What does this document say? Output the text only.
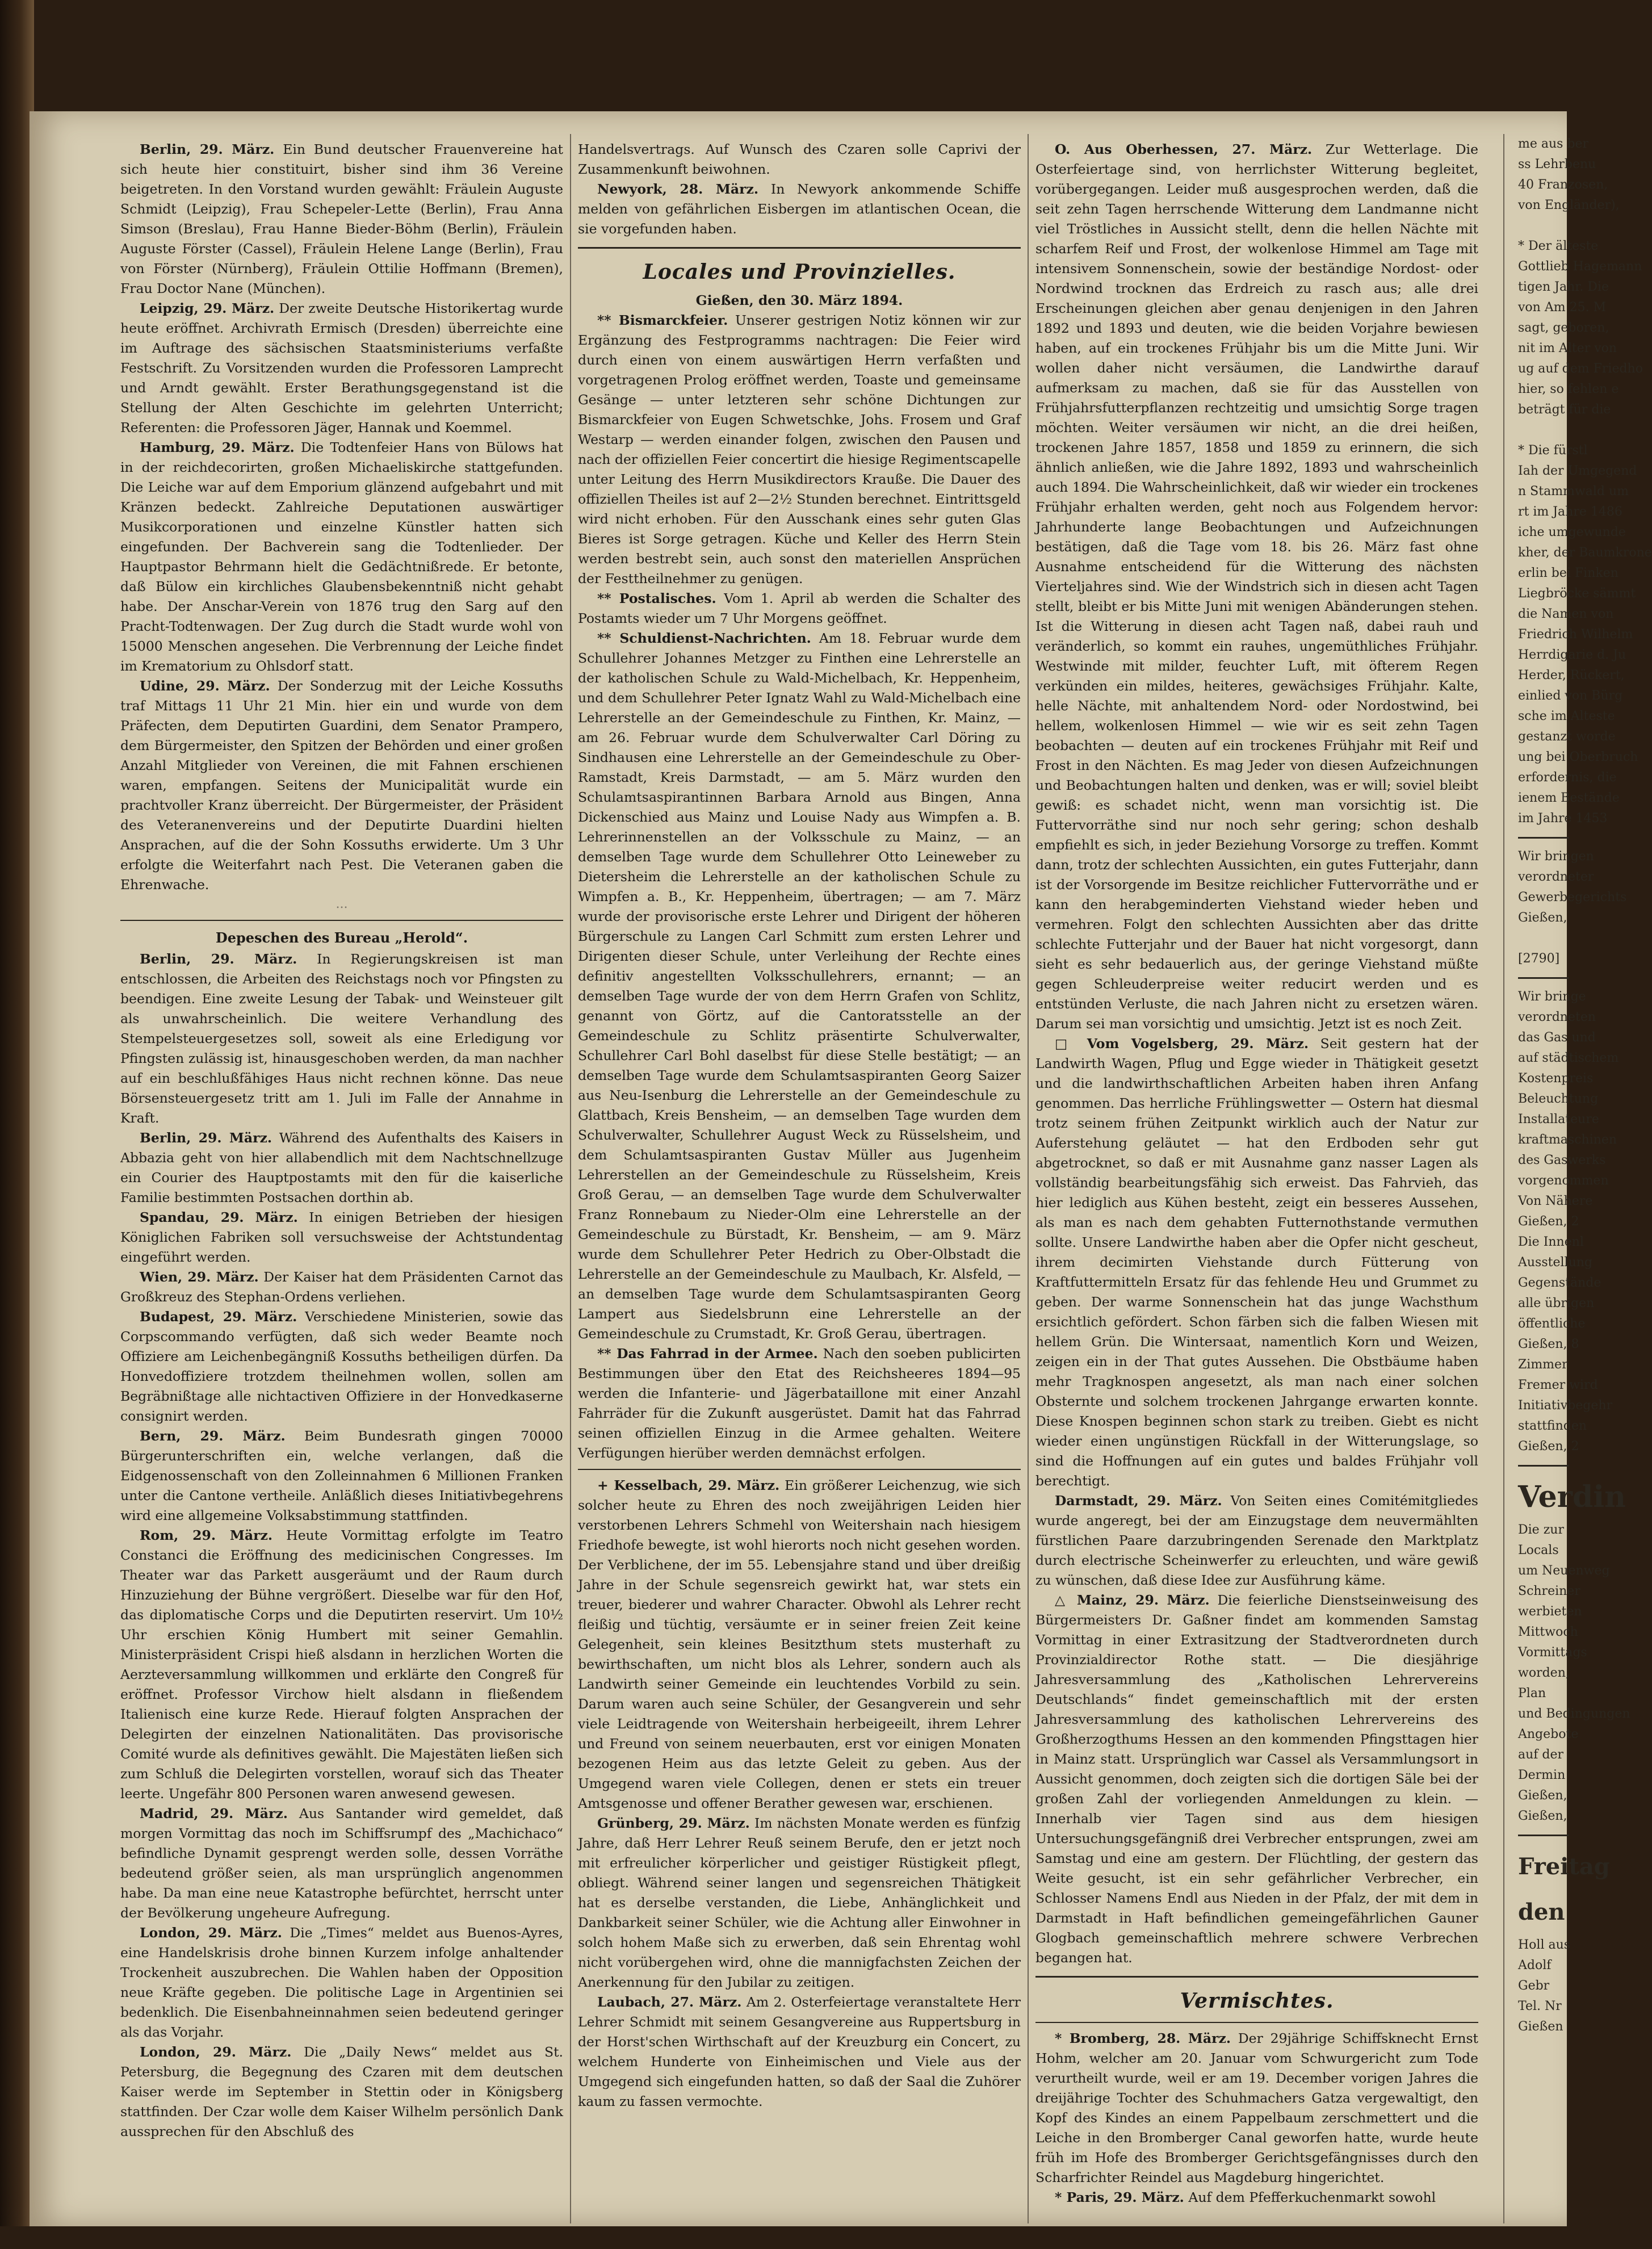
Berlin, 29. März. Ein Bund deutscher Frauenvereine hat sich heute hier constituirt, bisher sind ihm 36 Vereine beigetreten. In den Vorstand wurden gewählt: Fräulein Auguste Schmidt (Leipzig), Frau Schepeler-Lette (Berlin), Frau Anna Simson (Breslau), Frau Hanne Bieder-Böhm (Berlin), Fräulein Auguste Förster (Cassel), Fräulein Helene Lange (Berlin), Frau von Förster (Nürnberg), Fräulein Ottilie Hoffmann (Bremen), Frau Doctor Nane (München).

Leipzig, 29. März. Der zweite Deutsche Historikertag wurde heute eröffnet. Archivrath Ermisch (Dresden) überreichte eine im Auftrage des sächsischen Staatsministeriums verfaßte Festschrift. Zu Vorsitzenden wurden die Professoren Lamprecht und Arndt gewählt. Erster Berathungsgegenstand ist die Stellung der Alten Geschichte im gelehrten Unterricht; Referenten: die Professoren Jäger, Hannak und Koemmel.

Hamburg, 29. März. Die Todtenfeier Hans von Bülows hat in der reichdecorirten, großen Michaeliskirche stattgefunden. Die Leiche war auf dem Emporium glänzend aufgebahrt und mit Kränzen bedeckt. Zahlreiche Deputationen auswärtiger Musikcorporationen und einzelne Künstler hatten sich eingefunden. Der Bachverein sang die Todtenlieder. Der Hauptpastor Behrmann hielt die Gedächtnißrede. Er betonte, daß Bülow ein kirchliches Glaubensbekenntniß nicht gehabt habe. Der Anschar-Verein von 1876 trug den Sarg auf den Pracht-Todtenwagen. Der Zug durch die Stadt wurde wohl von 15000 Menschen angesehen. Die Verbrennung der Leiche findet im Krematorium zu Ohlsdorf statt.

Udine, 29. März. Der Sonderzug mit der Leiche Kossuths traf Mittags 11 Uhr 21 Min. hier ein und wurde von dem Präfecten, dem Deputirten Guardini, dem Senator Prampero, dem Bürgermeister, den Spitzen der Behörden und einer großen Anzahl Mitglieder von Vereinen, die mit Fahnen erschienen waren, empfangen. Seitens der Municipalität wurde ein prachtvoller Kranz überreicht. Der Bürgermeister, der Präsident des Veteranenvereins und der Deputirte Duardini hielten Ansprachen, auf die der Sohn Kossuths erwiderte. Um 3 Uhr erfolgte die Weiterfahrt nach Pest. Die Veteranen gaben die Ehrenwache.

...
Depeschen des Bureau „Herold“.

Berlin, 29. März. In Regierungskreisen ist man entschlossen, die Arbeiten des Reichstags noch vor Pfingsten zu beendigen. Eine zweite Lesung der Tabak- und Weinsteuer gilt als unwahrscheinlich. Die weitere Verhandlung des Stempelsteuergesetzes soll, soweit als eine Erledigung vor Pfingsten zulässig ist, hinausgeschoben werden, da man nachher auf ein beschlußfähiges Haus nicht rechnen könne. Das neue Börsensteuergesetz tritt am 1. Juli im Falle der Annahme in Kraft.

Berlin, 29. März. Während des Aufenthalts des Kaisers in Abbazia geht von hier allabendlich mit dem Nachtschnellzuge ein Courier des Hauptpostamts mit den für die kaiserliche Familie bestimmten Postsachen dorthin ab.

Spandau, 29. März. In einigen Betrieben der hiesigen Königlichen Fabriken soll versuchsweise der Achtstundentag eingeführt werden.

Wien, 29. März. Der Kaiser hat dem Präsidenten Carnot das Großkreuz des Stephan-Ordens verliehen.

Budapest, 29. März. Verschiedene Ministerien, sowie das Corpscommando verfügten, daß sich weder Beamte noch Offiziere am Leichenbegängniß Kossuths betheiligen dürfen. Da Honvedoffiziere trotzdem theilnehmen wollen, sollen am Begräbnißtage alle nichtactiven Offiziere in der Honvedkaserne consignirt werden.

Bern, 29. März. Beim Bundesrath gingen 70000 Bürgerunterschriften ein, welche verlangen, daß die Eidgenossenschaft von den Zolleinnahmen 6 Millionen Franken unter die Cantone vertheile. Anläßlich dieses Initiativbegehrens wird eine allgemeine Volksabstimmung stattfinden.

Rom, 29. März. Heute Vormittag erfolgte im Teatro Constanci die Eröffnung des medicinischen Congresses. Im Theater war das Parkett ausgeräumt und der Raum durch Hinzuziehung der Bühne vergrößert. Dieselbe war für den Hof, das diplomatische Corps und die Deputirten reservirt. Um 10½ Uhr erschien König Humbert mit seiner Gemahlin. Ministerpräsident Crispi hieß alsdann in herzlichen Worten die Aerzteversammlung willkommen und erklärte den Congreß für eröffnet. Professor Virchow hielt alsdann in fließendem Italienisch eine kurze Rede. Hierauf folgten Ansprachen der Delegirten der einzelnen Nationalitäten. Das provisorische Comité wurde als definitives gewählt. Die Majestäten ließen sich zum Schluß die Delegirten vorstellen, worauf sich das Theater leerte. Ungefähr 800 Personen waren anwesend gewesen.

Madrid, 29. März. Aus Santander wird gemeldet, daß morgen Vormittag das noch im Schiffsrumpf des „Machichaco“ befindliche Dynamit gesprengt werden solle, dessen Vorräthe bedeutend größer seien, als man ursprünglich angenommen habe. Da man eine neue Katastrophe befürchtet, herrscht unter der Bevölkerung ungeheure Aufregung.

London, 29. März. Die „Times“ meldet aus Buenos-Ayres, eine Handelskrisis drohe binnen Kurzem infolge anhaltender Trockenheit auszubrechen. Die Wahlen haben der Opposition neue Kräfte gegeben. Die politische Lage in Argentinien sei bedenklich. Die Eisenbahneinnahmen seien bedeutend geringer als das Vorjahr.

London, 29. März. Die „Daily News“ meldet aus St. Petersburg, die Begegnung des Czaren mit dem deutschen Kaiser werde im September in Stettin oder in Königsberg stattfinden. Der Czar wolle dem Kaiser Wilhelm persönlich Dank aussprechen für den Abschluß des

Handelsvertrags. Auf Wunsch des Czaren solle Caprivi der Zusammenkunft beiwohnen.

Newyork, 28. März. In Newyork ankommende Schiffe melden von gefährlichen Eisbergen im atlantischen Ocean, die sie vorgefunden haben.

Locales und Provinzielles.
Gießen, den 30. März 1894.

** Bismarckfeier. Unserer gestrigen Notiz können wir zur Ergänzung des Festprogramms nachtragen: Die Feier wird durch einen von einem auswärtigen Herrn verfaßten und vorgetragenen Prolog eröffnet werden, Toaste und gemeinsame Gesänge — unter letzteren sehr schöne Dichtungen zur Bismarckfeier von Eugen Schwetschke, Johs. Frosem und Graf Westarp — werden einander folgen, zwischen den Pausen und nach der offiziellen Feier concertirt die hiesige Regimentscapelle unter Leitung des Herrn Musikdirectors Krauße. Die Dauer des offiziellen Theiles ist auf 2—2½ Stunden berechnet. Eintrittsgeld wird nicht erhoben. Für den Ausschank eines sehr guten Glas Bieres ist Sorge getragen. Küche und Keller des Herrn Stein werden bestrebt sein, auch sonst den materiellen Ansprüchen der Festtheilnehmer zu genügen.

** Postalisches. Vom 1. April ab werden die Schalter des Postamts wieder um 7 Uhr Morgens geöffnet.

** Schuldienst-Nachrichten. Am 18. Februar wurde dem Schullehrer Johannes Metzger zu Finthen eine Lehrerstelle an der katholischen Schule zu Wald-Michelbach, Kr. Heppenheim, und dem Schullehrer Peter Ignatz Wahl zu Wald-Michelbach eine Lehrerstelle an der Gemeindeschule zu Finthen, Kr. Mainz, — am 26. Februar wurde dem Schulverwalter Carl Döring zu Sindhausen eine Lehrerstelle an der Gemeindeschule zu Ober-Ramstadt, Kreis Darmstadt, — am 5. März wurden den Schulamtsaspirantinnen Barbara Arnold aus Bingen, Anna Dickenschied aus Mainz und Louise Nady aus Wimpfen a. B. Lehrerinnenstellen an der Volksschule zu Mainz, — an demselben Tage wurde dem Schullehrer Otto Leineweber zu Dietersheim die Lehrerstelle an der katholischen Schule zu Wimpfen a. B., Kr. Heppenheim, übertragen; — am 7. März wurde der provisorische erste Lehrer und Dirigent der höheren Bürgerschule zu Langen Carl Schmitt zum ersten Lehrer und Dirigenten dieser Schule, unter Verleihung der Rechte eines definitiv angestellten Volksschullehrers, ernannt; — an demselben Tage wurde der von dem Herrn Grafen von Schlitz, genannt von Görtz, auf die Cantoratsstelle an der Gemeindeschule zu Schlitz präsentirte Schulverwalter, Schullehrer Carl Bohl daselbst für diese Stelle bestätigt; — an demselben Tage wurde dem Schulamtsaspiranten Georg Saizer aus Neu-Isenburg die Lehrerstelle an der Gemeindeschule zu Glattbach, Kreis Bensheim, — an demselben Tage wurden dem Schulverwalter, Schullehrer August Weck zu Rüsselsheim, und dem Schulamtsaspiranten Gustav Müller aus Jugenheim Lehrerstellen an der Gemeindeschule zu Rüsselsheim, Kreis Groß Gerau, — an demselben Tage wurde dem Schulverwalter Franz Ronnebaum zu Nieder-Olm eine Lehrerstelle an der Gemeindeschule zu Bürstadt, Kr. Bensheim, — am 9. März wurde dem Schullehrer Peter Hedrich zu Ober-Olbstadt die Lehrerstelle an der Gemeindeschule zu Maulbach, Kr. Alsfeld, — an demselben Tage wurde dem Schulamtsaspiranten Georg Lampert aus Siedelsbrunn eine Lehrerstelle an der Gemeindeschule zu Crumstadt, Kr. Groß Gerau, übertragen.

** Das Fahrrad in der Armee. Nach den soeben publicirten Bestimmungen über den Etat des Reichsheeres 1894—95 werden die Infanterie- und Jägerbataillone mit einer Anzahl Fahrräder für die Zukunft ausgerüstet. Damit hat das Fahrrad seinen offiziellen Einzug in die Armee gehalten. Weitere Verfügungen hierüber werden demnächst erfolgen.

+ Kesselbach, 29. März. Ein größerer Leichenzug, wie sich solcher heute zu Ehren des noch zweijährigen Leiden hier verstorbenen Lehrers Schmehl von Weitershain nach hiesigem Friedhofe bewegte, ist wohl hierorts noch nicht gesehen worden. Der Verblichene, der im 55. Lebensjahre stand und über dreißig Jahre in der Schule segensreich gewirkt hat, war stets ein treuer, biederer und wahrer Character. Obwohl als Lehrer recht fleißig und tüchtig, versäumte er in seiner freien Zeit keine Gelegenheit, sein kleines Besitzthum stets musterhaft zu bewirthschaften, um nicht blos als Lehrer, sondern auch als Landwirth seiner Gemeinde ein leuchtendes Vorbild zu sein. Darum waren auch seine Schüler, der Gesangverein und sehr viele Leidtragende von Weitershain herbeigeeilt, ihrem Lehrer und Freund von seinem neuerbauten, erst vor einigen Monaten bezogenen Heim aus das letzte Geleit zu geben. Aus der Umgegend waren viele Collegen, denen er stets ein treuer Amtsgenosse und offener Berather gewesen war, erschienen.

Grünberg, 29. März. Im nächsten Monate werden es fünfzig Jahre, daß Herr Lehrer Reuß seinem Berufe, den er jetzt noch mit erfreulicher körperlicher und geistiger Rüstigkeit pflegt, obliegt. Während seiner langen und segensreichen Thätigkeit hat es derselbe verstanden, die Liebe, Anhänglichkeit und Dankbarkeit seiner Schüler, wie die Achtung aller Einwohner in solch hohem Maße sich zu erwerben, daß sein Ehrentag wohl nicht vorübergehen wird, ohne die mannigfachsten Zeichen der Anerkennung für den Jubilar zu zeitigen.

Laubach, 27. März. Am 2. Osterfeiertage veranstaltete Herr Lehrer Schmidt mit seinem Gesangvereine aus Ruppertsburg in der Horst'schen Wirthschaft auf der Kreuzburg ein Concert, zu welchem Hunderte von Einheimischen und Viele aus der Umgegend sich eingefunden hatten, so daß der Saal die Zuhörer kaum zu fassen vermochte.

O. Aus Oberhessen, 27. März. Zur Wetterlage. Die Osterfeiertage sind, von herrlichster Witterung begleitet, vorübergegangen. Leider muß ausgesprochen werden, daß die seit zehn Tagen herrschende Witterung dem Landmanne nicht viel Tröstliches in Aussicht stellt, denn die hellen Nächte mit scharfem Reif und Frost, der wolkenlose Himmel am Tage mit intensivem Sonnenschein, sowie der beständige Nordost- oder Nordwind trocknen das Erdreich zu rasch aus; alle drei Erscheinungen gleichen aber genau denjenigen in den Jahren 1892 und 1893 und deuten, wie die beiden Vorjahre bewiesen haben, auf ein trockenes Frühjahr bis um die Mitte Juni. Wir wollen daher nicht versäumen, die Landwirthe darauf aufmerksam zu machen, daß sie für das Ausstellen von Frühjahrsfutterpflanzen rechtzeitig und umsichtig Sorge tragen möchten. Weiter versäumen wir nicht, an die drei heißen, trockenen Jahre 1857, 1858 und 1859 zu erinnern, die sich ähnlich anließen, wie die Jahre 1892, 1893 und wahrscheinlich auch 1894. Die Wahrscheinlichkeit, daß wir wieder ein trockenes Frühjahr erhalten werden, geht noch aus Folgendem hervor: Jahrhunderte lange Beobachtungen und Aufzeichnungen bestätigen, daß die Tage vom 18. bis 26. März fast ohne Ausnahme entscheidend für die Witterung des nächsten Vierteljahres sind. Wie der Windstrich sich in diesen acht Tagen stellt, bleibt er bis Mitte Juni mit wenigen Abänderungen stehen. Ist die Witterung in diesen acht Tagen naß, dabei rauh und veränderlich, so kommt ein rauhes, ungemüthliches Frühjahr. Westwinde mit milder, feuchter Luft, mit öfterem Regen verkünden ein mildes, heiteres, gewächsiges Frühjahr. Kalte, helle Nächte, mit anhaltendem Nord- oder Nordostwind, bei hellem, wolkenlosen Himmel — wie wir es seit zehn Tagen beobachten — deuten auf ein trockenes Frühjahr mit Reif und Frost in den Nächten. Es mag Jeder von diesen Aufzeichnungen und Beobachtungen halten und denken, was er will; soviel bleibt gewiß: es schadet nicht, wenn man vorsichtig ist. Die Futtervorräthe sind nur noch sehr gering; schon deshalb empfiehlt es sich, in jeder Beziehung Vorsorge zu treffen. Kommt dann, trotz der schlechten Aussichten, ein gutes Futterjahr, dann ist der Vorsorgende im Besitze reichlicher Futtervorräthe und er kann den herabgeminderten Viehstand wieder heben und vermehren. Folgt den schlechten Aussichten aber das dritte schlechte Futterjahr und der Bauer hat nicht vorgesorgt, dann sieht es sehr bedauerlich aus, der geringe Viehstand müßte gegen Schleuderpreise weiter reducirt werden und es entstünden Verluste, die nach Jahren nicht zu ersetzen wären. Darum sei man vorsichtig und umsichtig. Jetzt ist es noch Zeit.

□ Vom Vogelsberg, 29. März. Seit gestern hat der Landwirth Wagen, Pflug und Egge wieder in Thätigkeit gesetzt und die landwirthschaftlichen Arbeiten haben ihren Anfang genommen. Das herrliche Frühlingswetter — Ostern hat diesmal trotz seinem frühen Zeitpunkt wirklich auch der Natur zur Auferstehung geläutet — hat den Erdboden sehr gut abgetrocknet, so daß er mit Ausnahme ganz nasser Lagen als vollständig bearbeitungsfähig sich erweist. Das Fahrvieh, das hier lediglich aus Kühen besteht, zeigt ein besseres Aussehen, als man es nach dem gehabten Futternothstande vermuthen sollte. Unsere Landwirthe haben aber die Opfer nicht gescheut, ihrem decimirten Viehstande durch Fütterung von Kraftfuttermitteln Ersatz für das fehlende Heu und Grummet zu geben. Der warme Sonnenschein hat das junge Wachsthum ersichtlich gefördert. Schon färben sich die falben Wiesen mit hellem Grün. Die Wintersaat, namentlich Korn und Weizen, zeigen ein in der That gutes Aussehen. Die Obstbäume haben mehr Tragknospen angesetzt, als man nach einer solchen Obsternte und solchem trockenen Jahrgange erwarten konnte. Diese Knospen beginnen schon stark zu treiben. Giebt es nicht wieder einen ungünstigen Rückfall in der Witterungslage, so sind die Hoffnungen auf ein gutes und baldes Frühjahr voll berechtigt.

Darmstadt, 29. März. Von Seiten eines Comitémitgliedes wurde angeregt, bei der am Einzugstage dem neuvermählten fürstlichen Paare darzubringenden Serenade den Marktplatz durch electrische Scheinwerfer zu erleuchten, und wäre gewiß zu wünschen, daß diese Idee zur Ausführung käme.

△ Mainz, 29. März. Die feierliche Dienstseinweisung des Bürgermeisters Dr. Gaßner findet am kommenden Samstag Vormittag in einer Extrasitzung der Stadtverordneten durch Provinzialdirector Rothe statt. — Die diesjährige Jahresversammlung des „Katholischen Lehrervereins Deutschlands“ findet gemeinschaftlich mit der ersten Jahresversammlung des katholischen Lehrervereins des Großherzogthums Hessen an den kommenden Pfingsttagen hier in Mainz statt. Ursprünglich war Cassel als Versammlungsort in Aussicht genommen, doch zeigten sich die dortigen Säle bei der großen Zahl der vorliegenden Anmeldungen zu klein. — Innerhalb vier Tagen sind aus dem hiesigen Untersuchungsgefängniß drei Verbrecher entsprungen, zwei am Samstag und eine am gestern. Der Flüchtling, der gestern das Weite gesucht, ist ein sehr gefährlicher Verbrecher, ein Schlosser Namens Endl aus Nieden in der Pfalz, der mit dem in Darmstadt in Haft befindlichen gemeingefährlichen Gauner Glogbach gemeinschaftlich mehrere schwere Verbrechen begangen hat.

Vermischtes.

* Bromberg, 28. März. Der 29jährige Schiffsknecht Ernst Hohm, welcher am 20. Januar vom Schwurgericht zum Tode verurtheilt wurde, weil er am 19. December vorigen Jahres die dreijährige Tochter des Schuhmachers Gatza vergewaltigt, den Kopf des Kindes an einem Pappelbaum zerschmettert und die Leiche in den Bromberger Canal geworfen hatte, wurde heute früh im Hofe des Bromberger Gerichtsgefängnisses durch den Scharfrichter Reindel aus Magdeburg hingerichtet.

* Paris, 29. März. Auf dem Pfefferkuchenmarkt sowohl

me aus ber
ss Lehrbenu
40 Franzosen,
von Engländer),

* Der älteste
Gottlieb Hagemann
tigen Jahr. Die
von Am 25. M
sagt, geboren,
nit im Alter von
ug auf dem Friedho
hier, so fehlen e
beträgt für die

* Die fürstl
Iah der Umgegend
n Stammwald um
rt im Jahre 1486
iche umgewunde
kher, der Baumkrone
erlin bei Finken
Liegbröcke sämmt
die Namen von
Friedrich Wilhelm
Herrdigarie d. Ju
Herder, Rückert,
einlied von Bürg
sche im Alteste
gestanzt worde
ung bei Oberbruch
erfordernis, die
ienem Bestände
im Jahre 1453
Wir bringen
verordneter
Gewerbegerichts
Gießen,

[2790]
Wir bringe
verordneten
das Gas und
auf städtischem
Kostenpreis
Beleuchtung
Installateure
kraftmaschinen
des Gaswerks
vorgenommen
Von Nähere
Gießen, 2
Die Innenl
Ausstellung
Gegenstände
alle übrigen
öffentliche
Gießen, 8
Zimmer
Fremer wird
Initiativbegehr
stattfinden
Gießen, 2
Verdin
Die zur
Locals
um Neuenweg
Schreiner
werbieten
Mittwoch
Vormittags
worden,
Plan
und Bedingungen
Angebote
auf der
Dermin
Gießen,
Gießen,
Freitag den
Holl aus
Adolf
Gebr
Tel. Nr
Gießen
